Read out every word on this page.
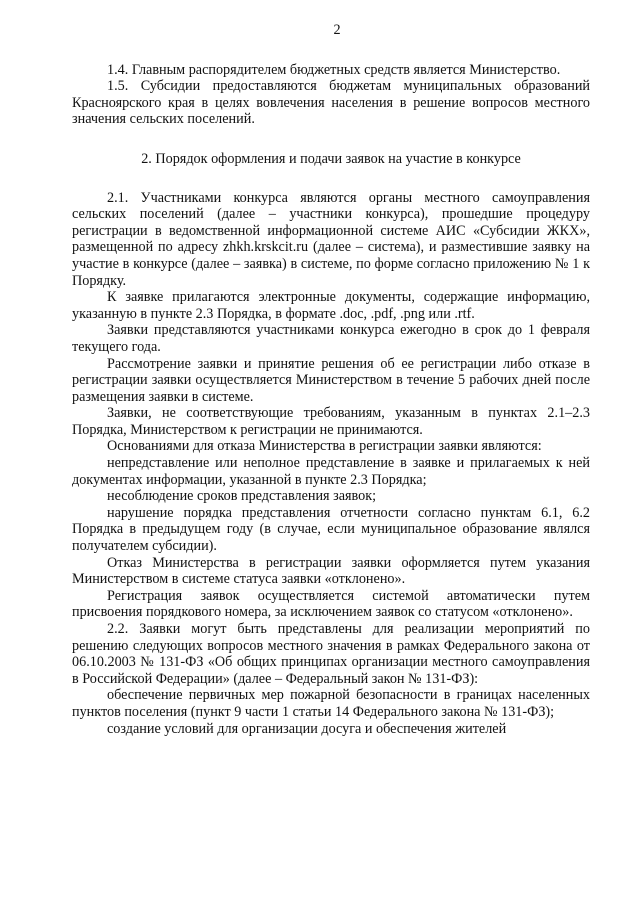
2

1.4. Главным распорядителем бюджетных средств является Министерство.

1.5. Субсидии предоставляются бюджетам муниципальных образований Красноярского края в целях вовлечения населения в решение вопросов местного значения сельских поселений.

2. Порядок оформления и подачи заявок на участие в конкурсе

2.1. Участниками конкурса являются органы местного самоуправления сельских поселений (далее – участники конкурса), прошедшие процедуру регистрации в ведомственной информационной системе АИС «Субсидии ЖКХ», размещенной по адресу zhkh.krskcit.ru (далее – система), и разместившие заявку на участие в конкурсе (далее – заявка) в системе, по форме согласно приложению № 1 к Порядку.

К заявке прилагаются электронные документы, содержащие информацию, указанную в пункте 2.3 Порядка, в формате .doc, .pdf, .png или .rtf.

Заявки представляются участниками конкурса ежегодно в срок до 1 февраля текущего года.

Рассмотрение заявки и принятие решения об ее регистрации либо отказе в регистрации заявки осуществляется Министерством в течение 5 рабочих дней после размещения заявки в системе.

Заявки, не соответствующие требованиям, указанным в пунктах 2.1–2.3 Порядка, Министерством к регистрации не принимаются.

Основаниями для отказа Министерства в регистрации заявки являются:

непредставление или неполное представление в заявке и прилагаемых к ней документах информации, указанной в пункте 2.3 Порядка;

несоблюдение сроков представления заявок;

нарушение порядка представления отчетности согласно пунктам 6.1, 6.2 Порядка в предыдущем году (в случае, если муниципальное образование являлся получателем субсидии).

Отказ Министерства в регистрации заявки оформляется путем указания Министерством в системе статуса заявки «отклонено».

Регистрация заявок осуществляется системой автоматически путем присвоения порядкового номера, за исключением заявок со статусом «отклонено».

2.2. Заявки могут быть представлены для реализации мероприятий по решению следующих вопросов местного значения в рамках Федерального закона от 06.10.2003 № 131-ФЗ «Об общих принципах организации местного самоуправления в Российской Федерации» (далее – Федеральный закон № 131-ФЗ):

обеспечение первичных мер пожарной безопасности в границах населенных пунктов поселения (пункт 9 части 1 статьи 14 Федерального закона № 131-ФЗ);

создание условий для организации досуга и обеспечения жителей
